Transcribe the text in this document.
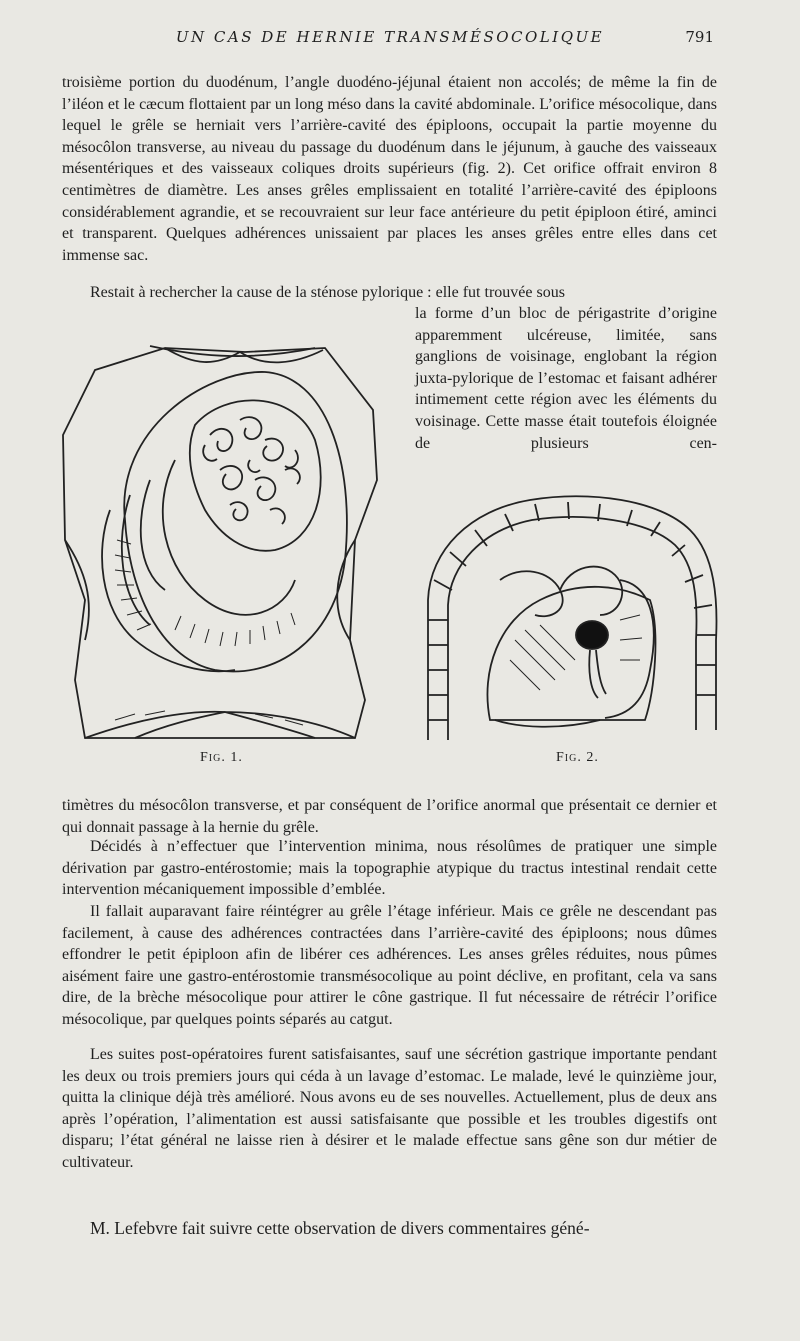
UN CAS DE HERNIE TRANSMÉSOCOLIQUE	791

troisième portion du duodénum, l’angle duodéno-jéjunal étaient non accolés; de même la fin de l’iléon et le cæcum flottaient par un long méso dans la cavité abdominale. L’orifice mésocolique, dans lequel le grêle se herniait vers l’arrière-cavité des épiploons, occupait la partie moyenne du mésocôlon transverse, au niveau du passage du duodénum dans le jéjunum, à gauche des vaisseaux mésentériques et des vaisseaux coliques droits supérieurs (fig. 2). Cet orifice offrait environ 8 centimètres de diamètre. Les anses grêles emplissaient en totalité l’arrière-cavité des épiploons considérablement agrandie, et se recouvraient sur leur face antérieure du petit épiploon étiré, aminci et transparent. Quelques adhérences unissaient par places les anses grêles entre elles dans cet immense sac.

Restait à rechercher la cause de la sténose pylorique : elle fut trouvée sous

la forme d’un bloc de périgastrite d’origine apparemment ulcéreuse, limitée, sans ganglions de voisinage, englobant la région juxta-pylorique de l’estomac et faisant adhérer intimement cette région avec les éléments du voisinage. Cette masse était toutefois éloignée de plusieurs cen-

Fig. 1.	Fig. 2.

timètres du mésocôlon transverse, et par conséquent de l’orifice anormal que présentait ce dernier et qui donnait passage à la hernie du grêle.

Décidés à n’effectuer que l’intervention minima, nous résolûmes de pratiquer une simple dérivation par gastro-entérostomie; mais la topographie atypique du tractus intestinal rendait cette intervention mécaniquement impossible d’emblée.

Il fallait auparavant faire réintégrer au grêle l’étage inférieur. Mais ce grêle ne descendant pas facilement, à cause des adhérences contractées dans l’arrière-cavité des épiploons; nous dûmes effondrer le petit épiploon afin de libérer ces adhérences. Les anses grêles réduites, nous pûmes aisément faire une gastro-entérostomie transmésocolique au point déclive, en profitant, cela va sans dire, de la brèche mésocolique pour attirer le cône gastrique. Il fut nécessaire de rétrécir l’orifice mésocolique, par quelques points séparés au catgut.

Les suites post-opératoires furent satisfaisantes, sauf une sécrétion gastrique importante pendant les deux ou trois premiers jours qui céda à un lavage d’estomac. Le malade, levé le quinzième jour, quitta la clinique déjà très amélioré. Nous avons eu de ses nouvelles. Actuellement, plus de deux ans après l’opération, l’alimentation est aussi satisfaisante que possible et les troubles digestifs ont disparu; l’état général ne laisse rien à désirer et le malade effectue sans gêne son dur métier de cultivateur.

M. Lefebvre fait suivre cette observation de divers commentaires géné-
